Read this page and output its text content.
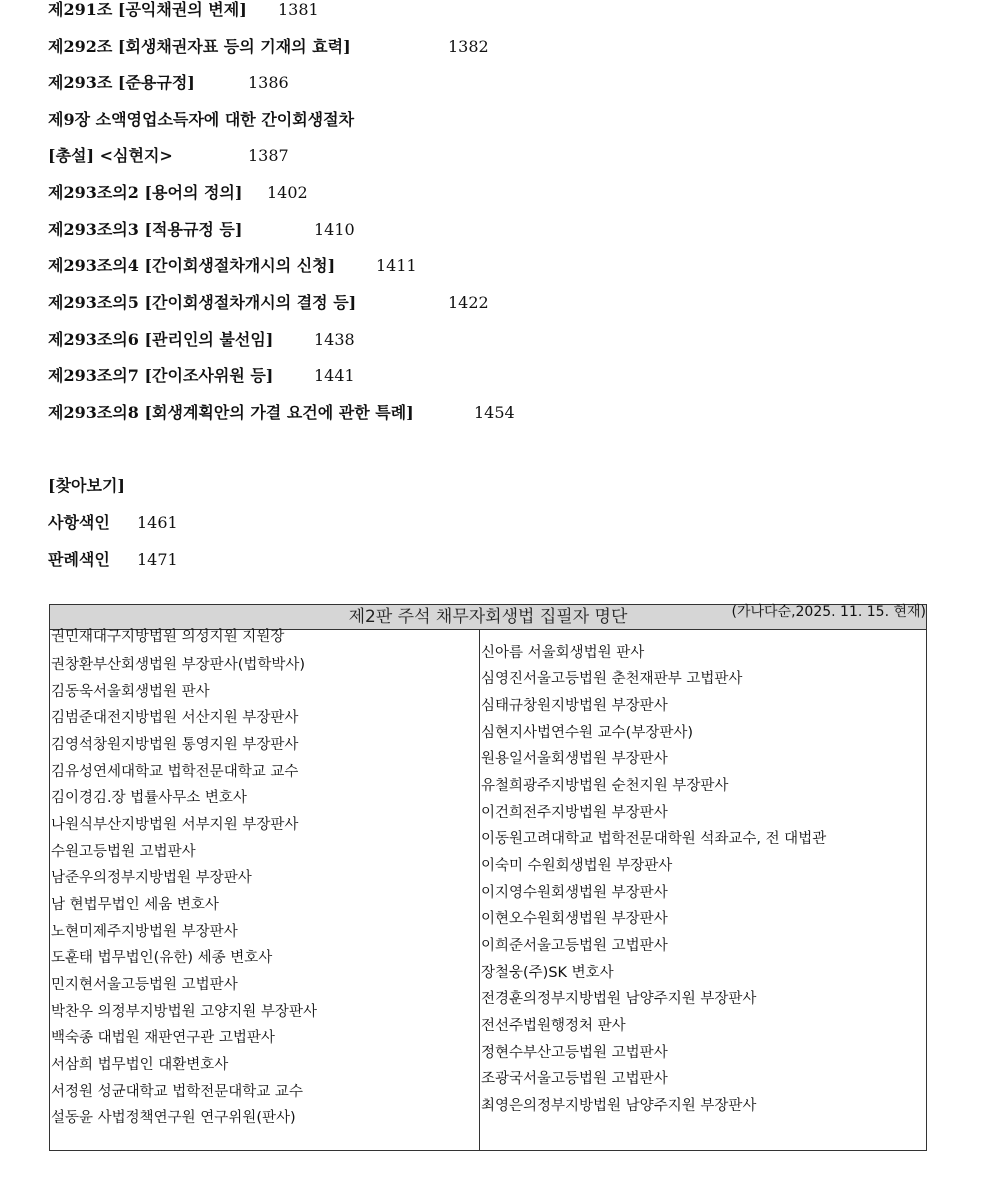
제291조 [공익채권의 변제] 1381
제292조 [회생채권자표 등의 기재의 효력]	1382
제293조 [준용규정]	1386
제9장 소액영업소득자에 대한 간이회생절차
[총설] <심현지>	1387
제293조의2 [용어의 정의] 1402
제293조의3 [적용규정 등]	1410
제293조의4 [간이회생절차개시의 신청]	1411
제293조의5 [간이회생절차개시의 결정 등]	1422
제293조의6 [관리인의 불선임]	1438
제293조의7 [간이조사위원 등]	1441
제293조의8 [회생계획안의 가결 요건에 관한 특례]	1454
[찾아보기]
사항색인 1461
판례색인 1471
제2판 주석 채무자회생법 집필자 명단
권민재대구지방법원 의성지원 지원장
권창환부산회생법원 부장판사(법학박사)
김동욱서울회생법원 판사
김범준대전지방법원 서산지원 부장판사
김영석창원지방법원 통영지원 부장판사
김유성연세대학교 법학전문대학교 교수
김이경김.장 법률사무소 변호사
나원식부산지방법원 서부지원 부장판사
수원고등법원 고법판사
남준우의정부지방법원 부장판사
남 현법무법인 세움 변호사
노현미제주지방법원 부장판사
도훈태 법무법인(유한) 세종 변호사
민지현서울고등법원 고법판사
박찬우 의정부지방법원 고양지원 부장판사
백숙종 대법원 재판연구관 고법판사
서삼희 법무법인 대환변호사
서정원 성균대학교 법학전문대학교 교수
설동윤 사법정책연구원 연구위원(판사)
신아름 서울회생법원 판사
심영진서울고등법원 춘천재판부 고법판사
심태규창원지방법원 부장판사
심현지사법연수원 교수(부장판사)
원용일서울회생법원 부장판사
유철희광주지방법원 순천지원 부장판사
이건희전주지방법원 부장판사
이동원고려대학교 법학전문대학원 석좌교수, 전 대법관
이숙미 수원회생법원 부장판사
이지영수원회생법원 부장판사
이현오수원회생법원 부장판사
이희준서울고등법원 고법판사
장철웅(주)SK 변호사
전경훈의정부지방법원 남양주지원 부장판사
전선주법원행정처 판사
정현수부산고등법원 고법판사
조광국서울고등법원 고법판사
최영은의정부지방법원 남양주지원 부장판사
(가나다순,2025. 11. 15. 현재)
